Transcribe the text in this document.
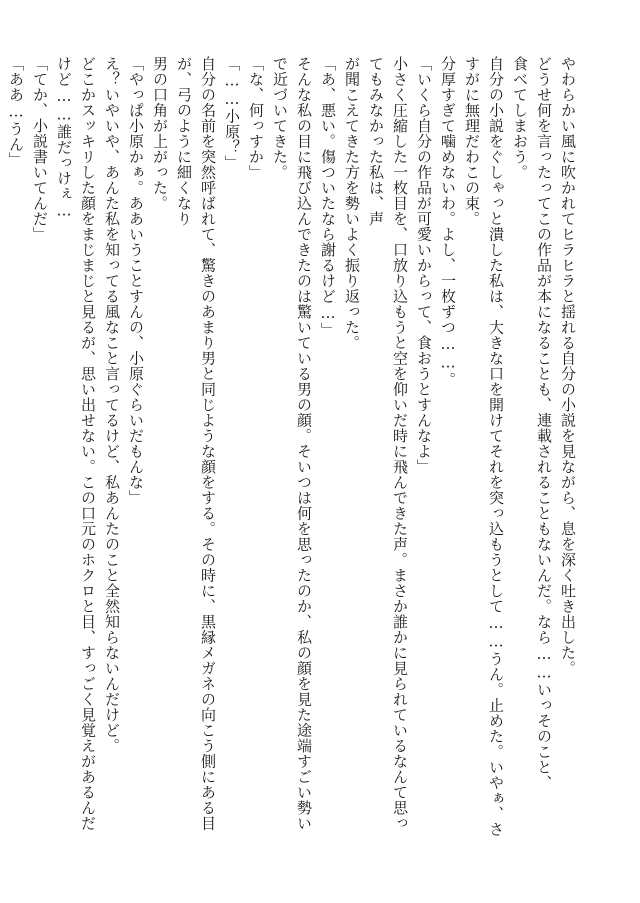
やわらかい風に吹かれてヒラヒラと揺れる自分の小説を見ながら、息を深く吐き出した。

どうせ何を言ったってこの作品が本になることも、連載されることもないんだ。なら……いっそのこと、

食べてしまおう。

自分の小説をぐしゃっと潰した私は、大きな口を開けてそれを突っ込もうとして……うん。止めた。いやぁ、さすがに無理だわこの束。

分厚すぎて噛めないわ。よし、一枚ずつ……。

「いくら自分の作品が可愛いからって、食おうとすんなよ」

小さく圧縮した一枚目を、口放り込もうと空を仰いだ時に飛んできた声。まさか誰かに見られているなんて思ってもみなかった私は、声

が聞こえてきた方を勢いよく振り返った。

「あ、悪い。傷ついたなら謝るけど…」

そんな私の目に飛び込んできたのは驚いている男の顔。そいつは何を思ったのか、私の顔を見た途端すごい勢いで近づいてきた。

「な、何っすか」

「……小原？」

自分の名前を突然呼ばれて、驚きのあまり男と同じような顔をする。その時に、黒縁メガネの向こう側にある目が、弓のように細くなり

男の口角が上がった。

「やっぱ小原かぁ。ああいうことすんの、小原ぐらいだもんな」

え？いやいや、あんた私を知ってる風なこと言ってるけど、私あんたのこと全然知らないんだけど。

どこかスッキリした顔をまじまじと見るが、思い出せない。この口元のホクロと目、すっごく見覚えがあるんだけど……誰だっけぇ…

「てか、小説書いてんだ」

「ああ…うん」
